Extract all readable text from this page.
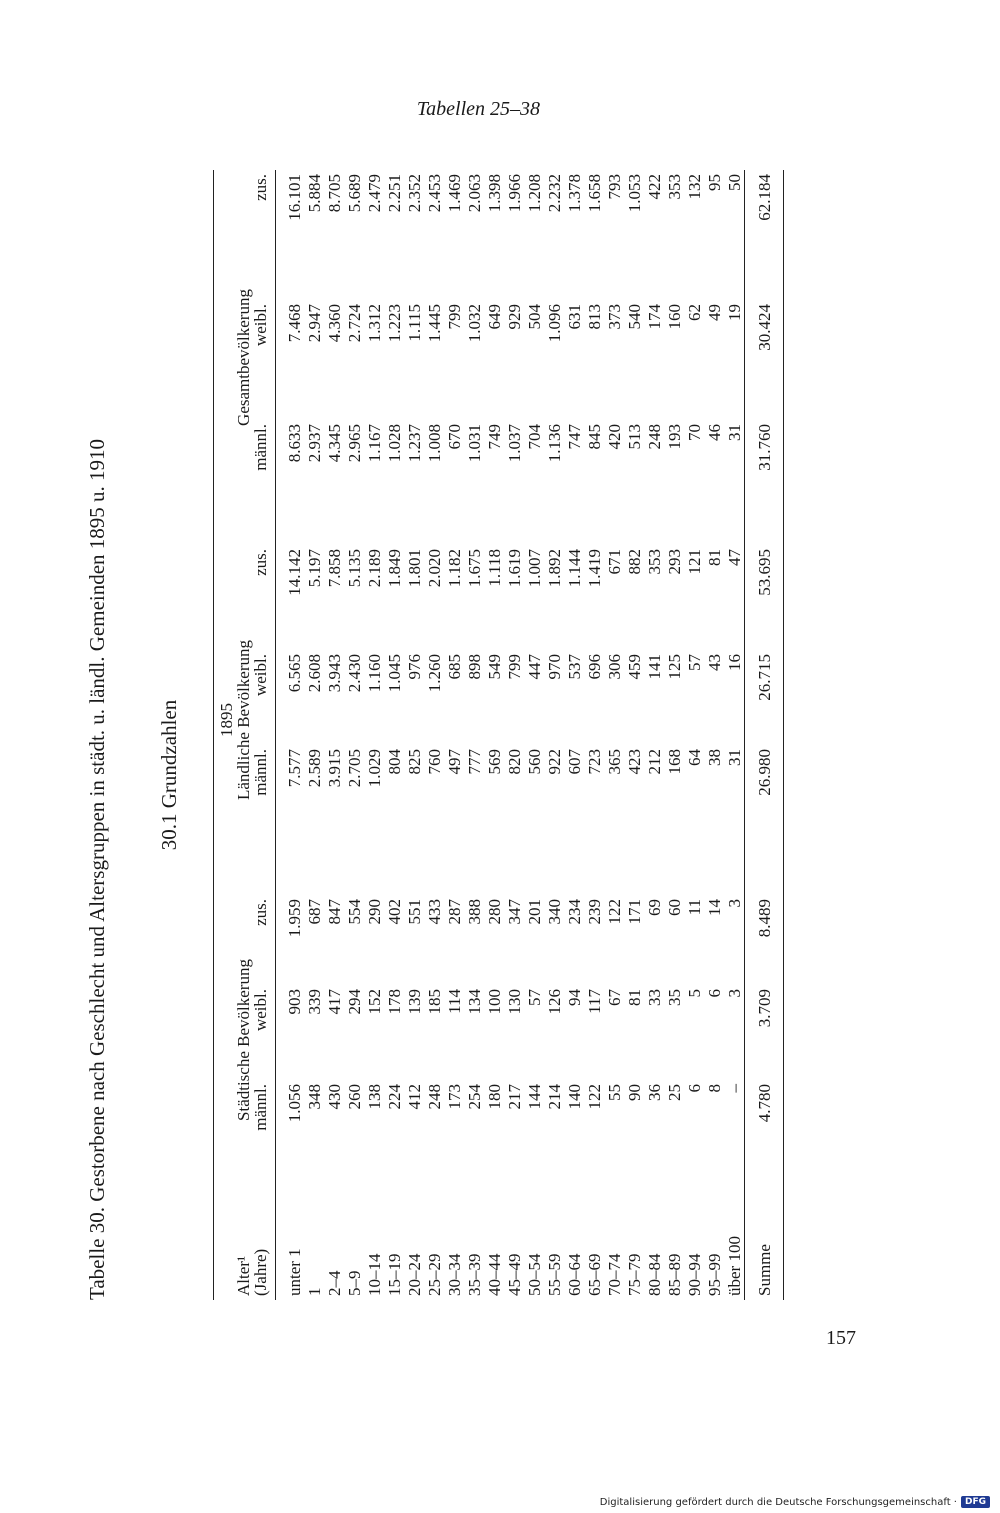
Tabellen 25–38
Tabelle 30. Gestorbene nach Geschlecht und Altersgruppen in städt. u. ländl. Gemeinden 1895 u. 1910 30.1 Grundzahlen
				1895					
Alter¹	Städtische Bevölkerung			Ländliche Bevölkerung			Gesamtbevölkerung		
(Jahre)	männl.	weibl.	zus.	männl.	weibl.	zus.	männl.	weibl.	zus.
unter 1	1.056	903	1.959	7.577	6.565	14.142	8.633	7.468	16.101
1	348	339	687	2.589	2.608	5.197	2.937	2.947	5.884
2–4	430	417	847	3.915	3.943	7.858	4.345	4.360	8.705
5–9	260	294	554	2.705	2.430	5.135	2.965	2.724	5.689
10–14	138	152	290	1.029	1.160	2.189	1.167	1.312	2.479
15–19	224	178	402	804	1.045	1.849	1.028	1.223	2.251
20–24	412	139	551	825	976	1.801	1.237	1.115	2.352
25–29	248	185	433	760	1.260	2.020	1.008	1.445	2.453
30–34	173	114	287	497	685	1.182	670	799	1.469
35–39	254	134	388	777	898	1.675	1.031	1.032	2.063
40–44	180	100	280	569	549	1.118	749	649	1.398
45–49	217	130	347	820	799	1.619	1.037	929	1.966
50–54	144	57	201	560	447	1.007	704	504	1.208
55–59	214	126	340	922	970	1.892	1.136	1.096	2.232
60–64	140	94	234	607	537	1.144	747	631	1.378
65–69	122	117	239	723	696	1.419	845	813	1.658
70–74	55	67	122	365	306	671	420	373	793
75–79	90	81	171	423	459	882	513	540	1.053
80–84	36	33	69	212	141	353	248	174	422
85–89	25	35	60	168	125	293	193	160	353
90–94	6	5	11	64	57	121	70	62	132
95–99	8	6	14	38	43	81	46	49	95
über 100	–	3	3	31	16	47	31	19	50
Summe	4.780	3.709	8.489	26.980	26.715	53.695	31.760	30.424	62.184
157
Digitalisierung gefördert durch die Deutsche Forschungsgemeinschaft · DFG
